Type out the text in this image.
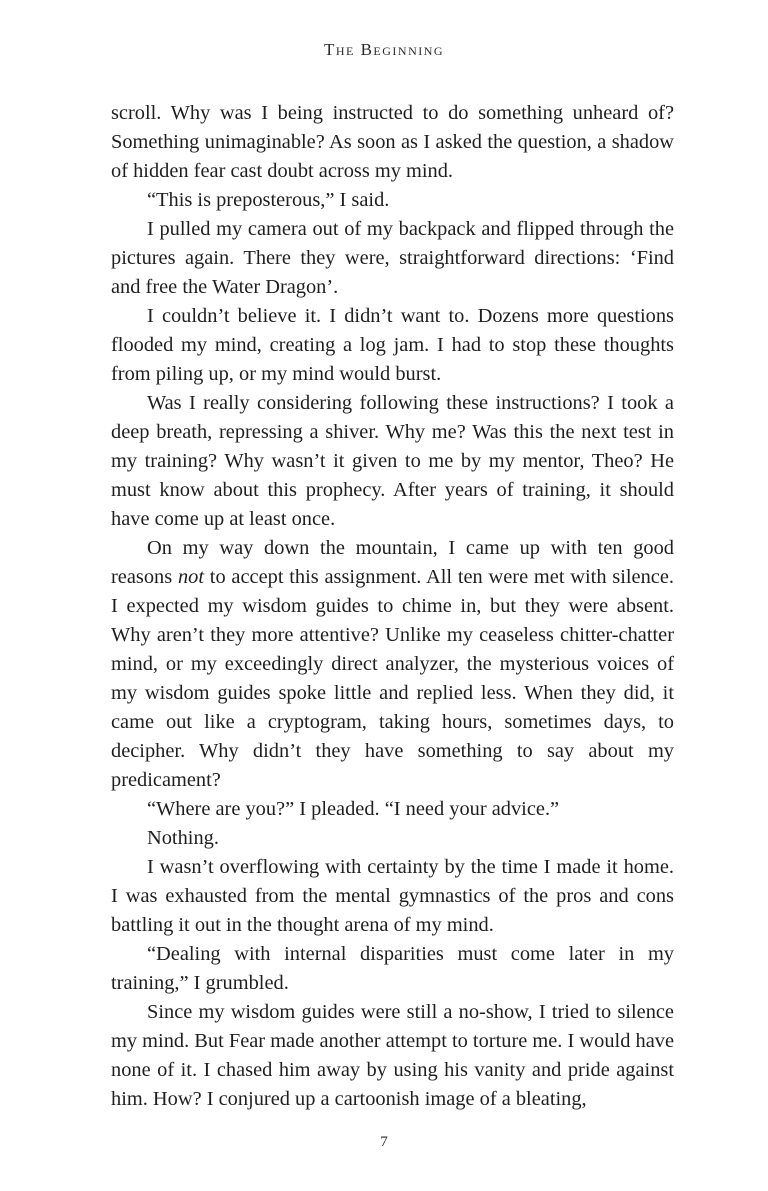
The Beginning

scroll. Why was I being instructed to do something unheard of? Something unimaginable? As soon as I asked the question, a shadow of hidden fear cast doubt across my mind.

“This is preposterous,” I said.

I pulled my camera out of my backpack and flipped through the pictures again. There they were, straightforward directions: ‘Find and free the Water Dragon’.

I couldn’t believe it. I didn’t want to. Dozens more questions flooded my mind, creating a log jam. I had to stop these thoughts from piling up, or my mind would burst.

Was I really considering following these instructions? I took a deep breath, repressing a shiver. Why me? Was this the next test in my training? Why wasn’t it given to me by my mentor, Theo? He must know about this prophecy. After years of training, it should have come up at least once.

On my way down the mountain, I came up with ten good reasons not to accept this assignment. All ten were met with silence. I expected my wisdom guides to chime in, but they were absent. Why aren’t they more attentive? Unlike my ceaseless chitter-chatter mind, or my exceedingly direct analyzer, the mysterious voices of my wisdom guides spoke little and replied less. When they did, it came out like a cryptogram, taking hours, sometimes days, to decipher. Why didn’t they have something to say about my predicament?

“Where are you?” I pleaded. “I need your advice.”

Nothing.

I wasn’t overflowing with certainty by the time I made it home. I was exhausted from the mental gymnastics of the pros and cons battling it out in the thought arena of my mind.

“Dealing with internal disparities must come later in my training,” I grumbled.

Since my wisdom guides were still a no-show, I tried to silence my mind. But Fear made another attempt to torture me. I would have none of it. I chased him away by using his vanity and pride against him. How? I conjured up a cartoonish image of a bleating,

7
